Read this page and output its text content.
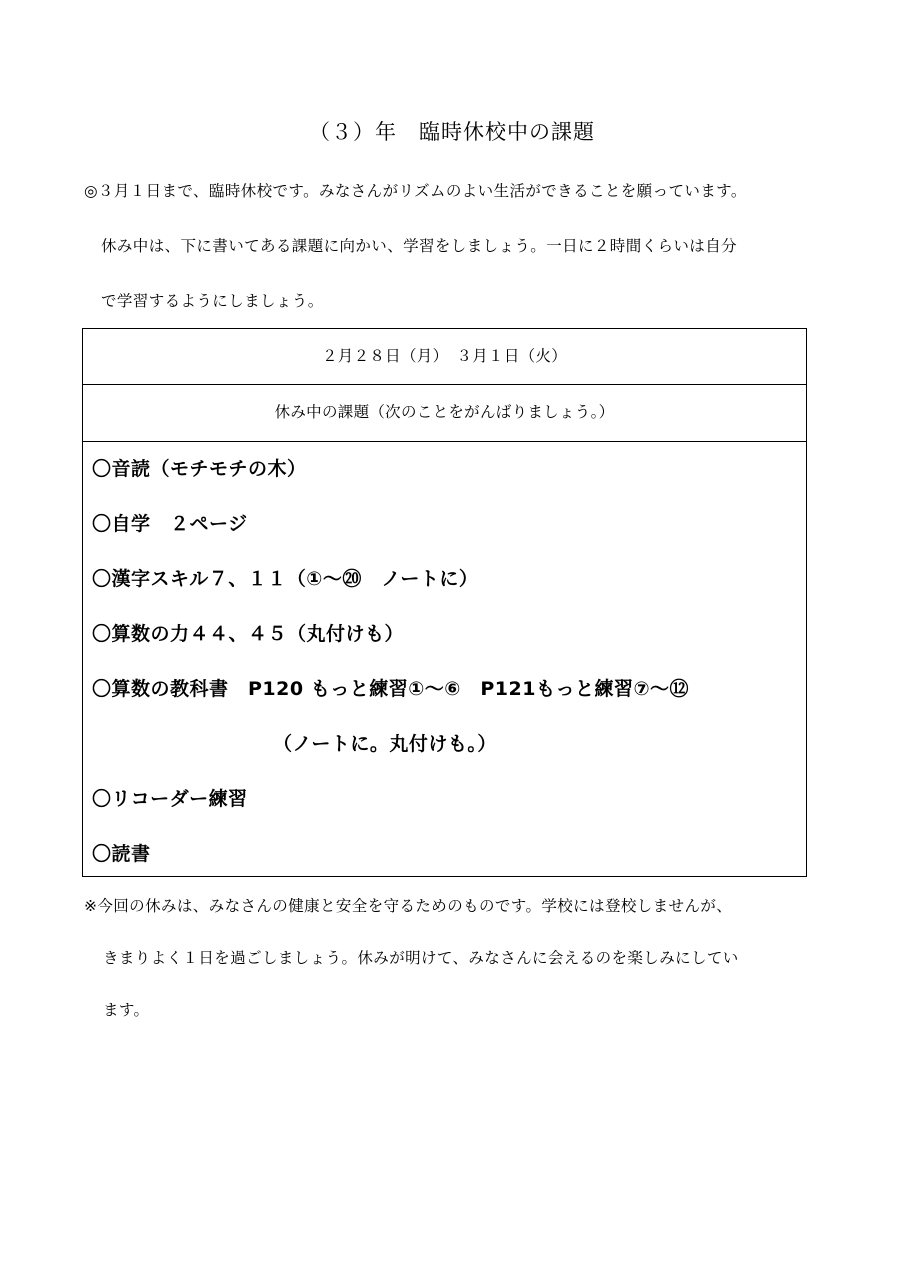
（３）年　臨時休校中の課題
◎３月１日まで、臨時休校です。みなさんがリズムのよい生活ができることを願っています。
休み中は、下に書いてある課題に向かい、学習をしましょう。一日に２時間くらいは自分
で学習するようにしましょう。
２月２８日（月）　３月１日（火）
休み中の課題（次のことをがんばりましょう。）
〇音読（モチモチの木）
〇自学　２ページ
〇漢字スキル７、１１（①～⑳　ノートに）
〇算数の力４４、４５（丸付けも）
〇算数の教科書　P120 もっと練習①～⑥　P121もっと練習⑦～⑫
（ノートに。丸付けも。）
〇リコーダー練習
〇読書
※今回の休みは、みなさんの健康と安全を守るためのものです。学校には登校しませんが、
きまりよく１日を過ごしましょう。休みが明けて、みなさんに会えるのを楽しみにしてい
ます。
